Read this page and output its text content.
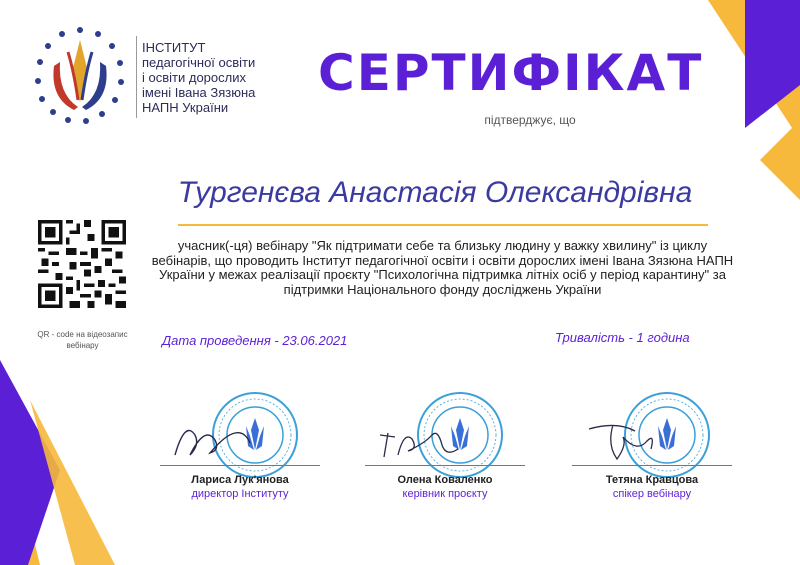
ІНСТИТУТ
педагогічної освіти
і освіти дорослих
імені Івана Зязюна
НАПН України
СЕРТИФІКАТ
підтверджує, що
Тургенєва Анастасія Олександрівна
QR - code на відеозапис вебінару
учасник(-ця) вебінару "Як підтримати себе та близьку людину у важку хвилину" із циклу вебінарів, що проводить Інститут педагогічної освіти і освіти дорослих імені Івана Зязюна НАПН України у межах реалізації проєкту "Психологічна підтримка літніх осіб у період карантину" за підтримки Національного фонду досліджень України
Дата проведення - 23.06.2021	Тривалість - 1 година
Лариса Лук'янова
директор Інституту
Олена Коваленко
керівник проєкту
Тетяна Кравцова
спікер вебінару
